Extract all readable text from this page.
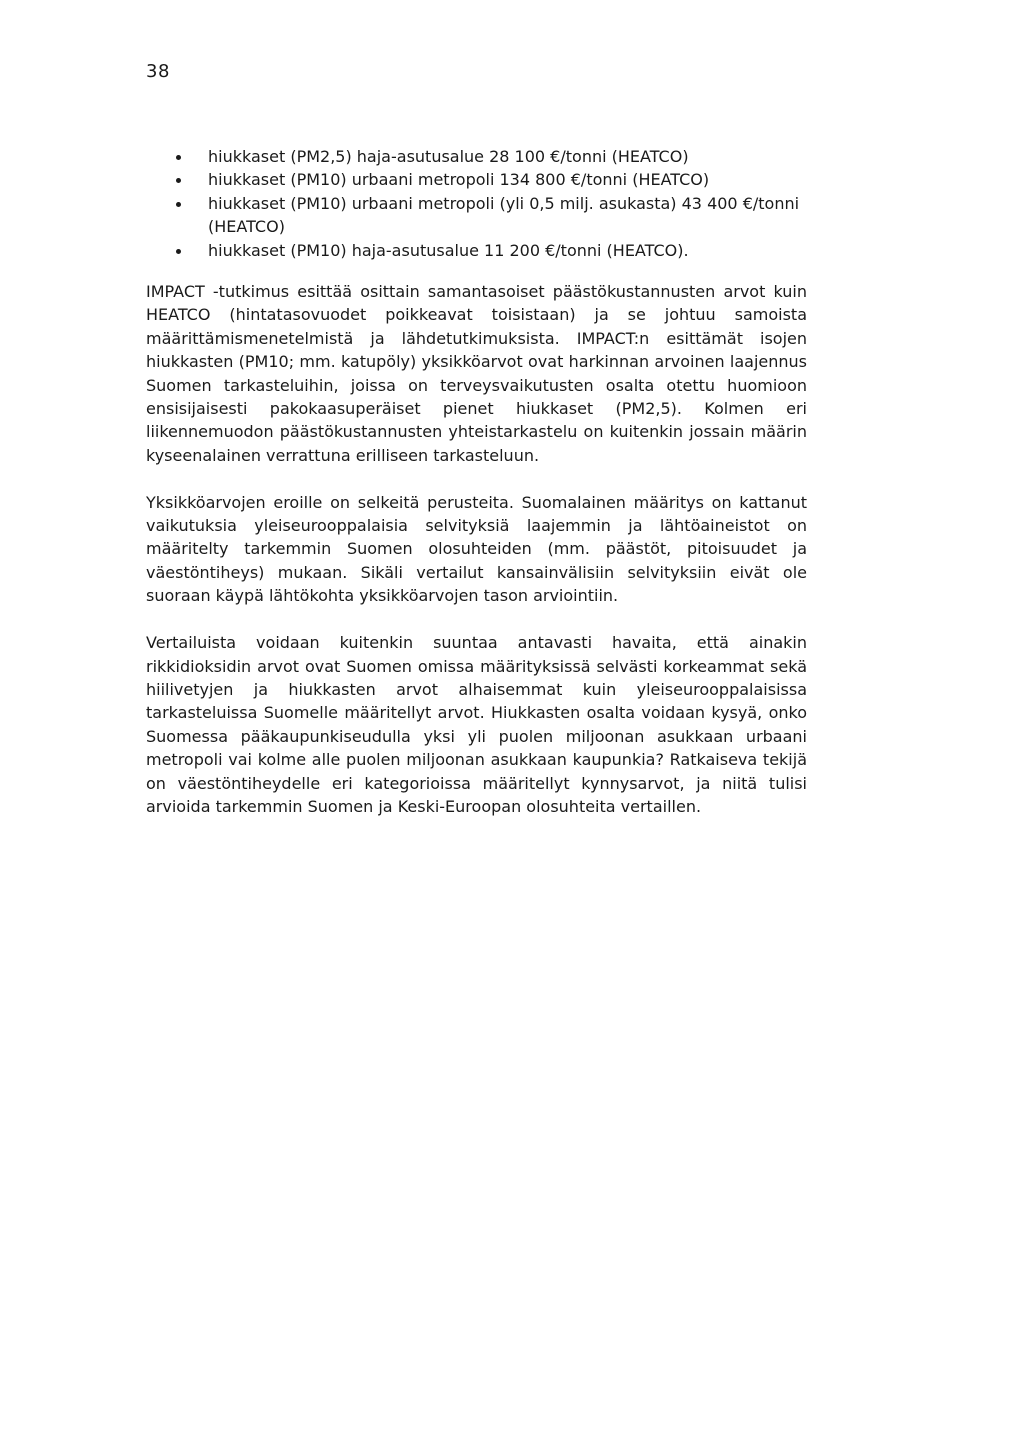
38
hiukkaset (PM2,5) haja-asutusalue 28 100 €/tonni (HEATCO)
hiukkaset (PM10) urbaani metropoli 134 800 €/tonni (HEATCO)
hiukkaset (PM10) urbaani metropoli (yli 0,5 milj. asukasta) 43 400 €/tonni (HEATCO)
hiukkaset (PM10) haja-asutusalue 11 200 €/tonni (HEATCO).

IMPACT -tutkimus esittää osittain samantasoiset päästökustannusten arvot kuin HEATCO (hintatasovuodet poikkeavat toisistaan) ja se johtuu samoista määrittämismenetelmistä ja lähdetutkimuksista. IMPACT:n esittämät isojen hiukkasten (PM10; mm. katupöly) yksikköarvot ovat harkinnan arvoinen laajennus Suomen tarkasteluihin, joissa on terveysvaikutusten osalta otettu huomioon ensisijaisesti pakokaasuperäiset pienet hiukkaset (PM2,5). Kolmen eri liikennemuodon päästökustannusten yhteistarkastelu on kuitenkin jossain määrin kyseenalainen verrattuna erilliseen tarkasteluun.

Yksikköarvojen eroille on selkeitä perusteita. Suomalainen määritys on kattanut vaikutuksia yleiseurooppalaisia selvityksiä laajemmin ja lähtöaineistot on määritelty tarkemmin Suomen olosuhteiden (mm. päästöt, pitoisuudet ja väestöntiheys) mukaan. Sikäli vertailut kansainvälisiin selvityksiin eivät ole suoraan käypä lähtökohta yksikköarvojen tason arviointiin.

Vertailuista voidaan kuitenkin suuntaa antavasti havaita, että ainakin rikkidioksidin arvot ovat Suomen omissa määrityksissä selvästi korkeammat sekä hiilivetyjen ja hiukkasten arvot alhaisemmat kuin yleiseurooppalaisissa tarkasteluissa Suomelle määritellyt arvot. Hiukkasten osalta voidaan kysyä, onko Suomessa pääkaupunkiseudulla yksi yli puolen miljoonan asukkaan urbaani metropoli vai kolme alle puolen miljoonan asukkaan kaupunkia? Ratkaiseva tekijä on väestöntiheydelle eri kategorioissa määritellyt kynnysarvot, ja niitä tulisi arvioida tarkemmin Suomen ja Keski-Euroopan olosuhteita vertaillen.
